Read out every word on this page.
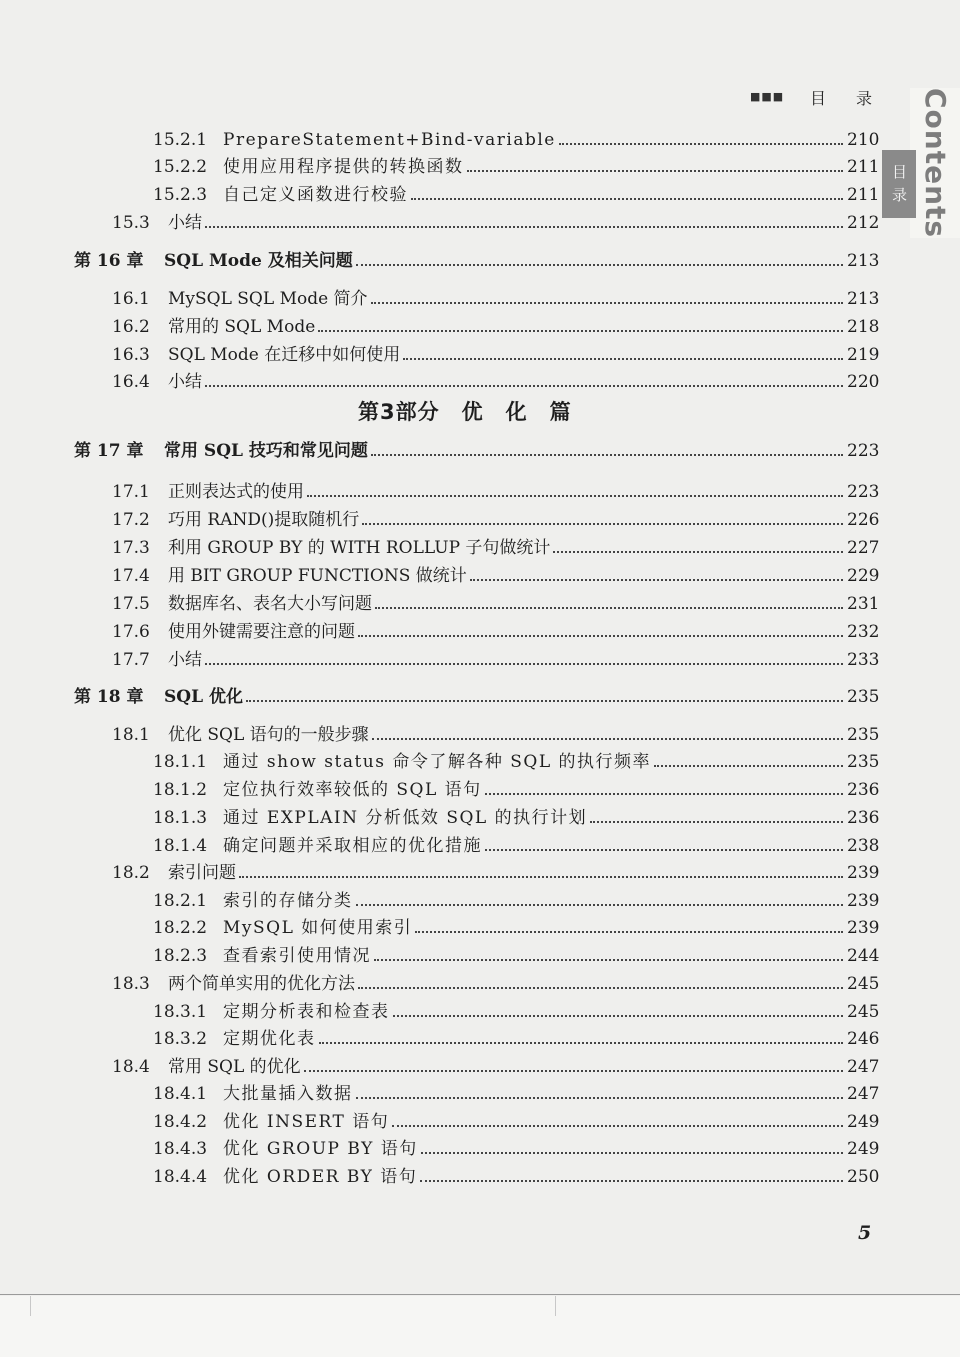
■■■ 目录 Contents
目录
15.2.1 PrepareStatement+Bind-variable	210
15.2.2 使用应用程序提供的转换函数	211
15.2.3 自己定义函数进行校验	211
15.3 小结	212
第 16 章 SQL Mode 及相关问题	213
16.1 MySQL SQL Mode 简介	213
16.2 常用的 SQL Mode	218
16.3 SQL Mode 在迁移中如何使用	219
16.4 小结	220
第 17 章 常用 SQL 技巧和常见问题	223
17.1 正则表达式的使用	223
17.2 巧用 RAND()提取随机行	226
17.3 利用 GROUP BY 的 WITH ROLLUP 子句做统计	227
17.4 用 BIT GROUP FUNCTIONS 做统计	229
17.5 数据库名、表名大小写问题	231
17.6 使用外键需要注意的问题	232
17.7 小结	233
第 18 章 SQL 优化	235
18.1 优化 SQL 语句的一般步骤	235
18.1.1 通过 show status 命令了解各种 SQL 的执行频率	235
18.1.2 定位执行效率较低的 SQL 语句	236
18.1.3 通过 EXPLAIN 分析低效 SQL 的执行计划	236
18.1.4 确定问题并采取相应的优化措施	238
18.2 索引问题	239
18.2.1 索引的存储分类	239
18.2.2 MySQL 如何使用索引	239
18.2.3 查看索引使用情况	244
18.3 两个简单实用的优化方法	245
18.3.1 定期分析表和检查表	245
18.3.2 定期优化表	246
18.4 常用 SQL 的优化	247
18.4.1 大批量插入数据	247
18.4.2 优化 INSERT 语句	249
18.4.3 优化 GROUP BY 语句	249
18.4.4 优化 ORDER BY 语句	250
第3部分　优　化　篇
5
